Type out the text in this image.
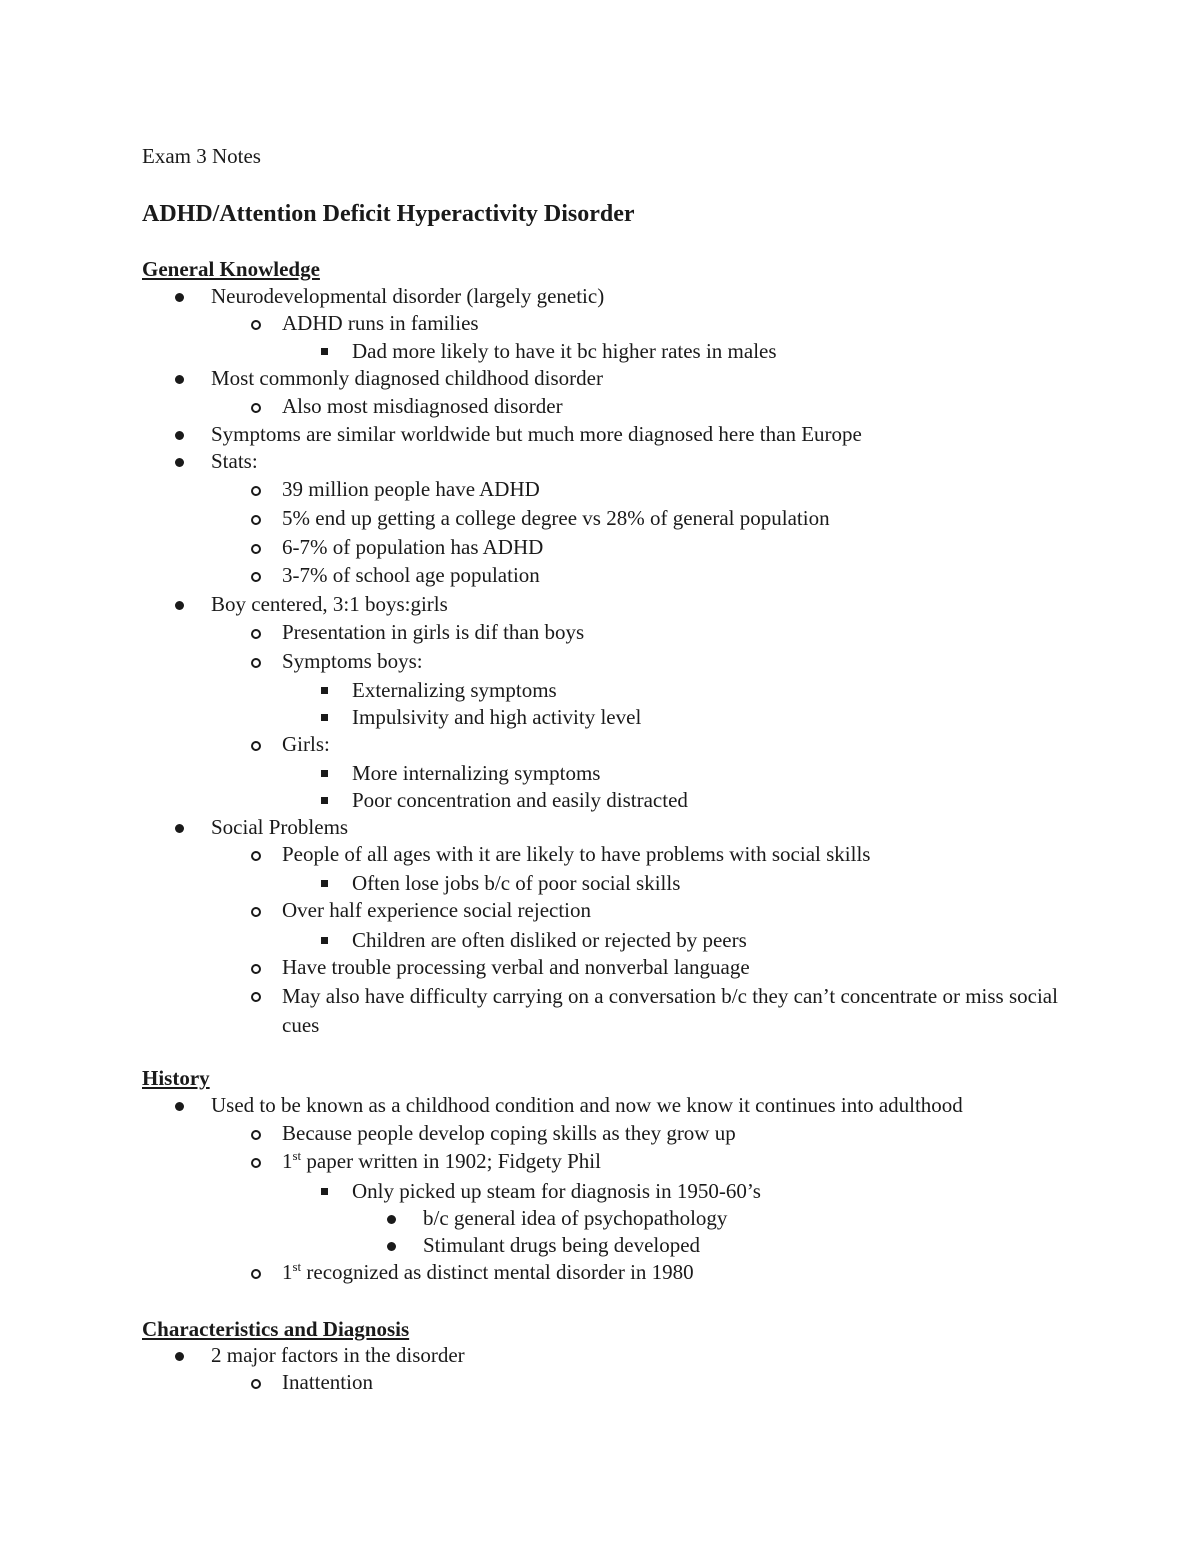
Exam 3 Notes
ADHD/Attention Deficit Hyperactivity Disorder
General Knowledge
Neurodevelopmental disorder (largely genetic)
ADHD runs in families
Dad more likely to have it bc higher rates in males
Most commonly diagnosed childhood disorder
Also most misdiagnosed disorder
Symptoms are similar worldwide but much more diagnosed here than Europe
Stats:
39 million people have ADHD
5% end up getting a college degree vs 28% of general population
6-7% of population has ADHD
3-7% of school age population
Boy centered, 3:1 boys:girls
Presentation in girls is dif than boys
Symptoms boys:
Externalizing symptoms
Impulsivity and high activity level
Girls:
More internalizing symptoms
Poor concentration and easily distracted
Social Problems
People of all ages with it are likely to have problems with social skills
Often lose jobs b/c of poor social skills
Over half experience social rejection
Children are often disliked or rejected by peers
Have trouble processing verbal and nonverbal language
May also have difficulty carrying on a conversation b/c they can’t concentrate or miss social cues
History
Used to be known as a childhood condition and now we know it continues into adulthood
Because people develop coping skills as they grow up
1st paper written in 1902; Fidgety Phil
Only picked up steam for diagnosis in 1950-60’s
b/c general idea of psychopathology
Stimulant drugs being developed
1st recognized as distinct mental disorder in 1980
Characteristics and Diagnosis
2 major factors in the disorder
Inattention
